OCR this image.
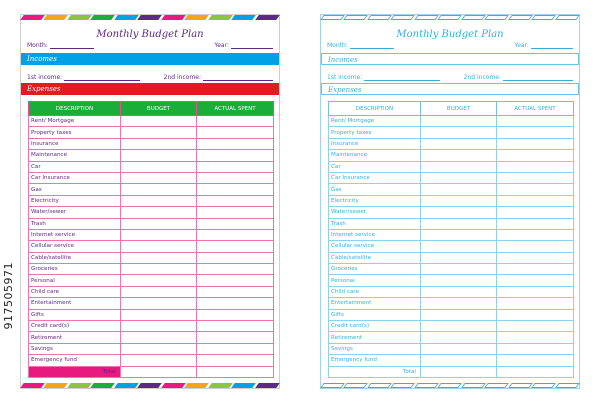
917505971
Monthly Budget Plan
Month:	Year:
Incomes
1st income:	2nd income:
Expenses
DESCRIPTION	BUDGET	ACTUAL SPENT
Rent/ Mortgage		
Property taxes		
Insurance		
Maintenance		
Car		
Car Insurance		
Gas		
Electricity		
Water/sewer		
Trash		
Internet service		
Cellular service		
Cable/satellite		
Groceries		
Personal		
Child care		
Entertainment		
Gifts		
Credit card(s)		
Retirement		
Savings		
Emergency fund		
Total		
Monthly Budget Plan
Month:	Year:
Incomes
1st income:	2nd income:
Expenses
DESCRIPTION	BUDGET	ACTUAL SPENT
Rent/ Mortgage		
Property taxes		
Insurance		
Maintenance		
Car		
Car Insurance		
Gas		
Electricity		
Water/sewer		
Trash		
Internet service		
Cellular service		
Cable/satellite		
Groceries		
Personal		
Child care		
Entertainment		
Gifts		
Credit card(s)		
Retirement		
Savings		
Emergency fund		
Total		
